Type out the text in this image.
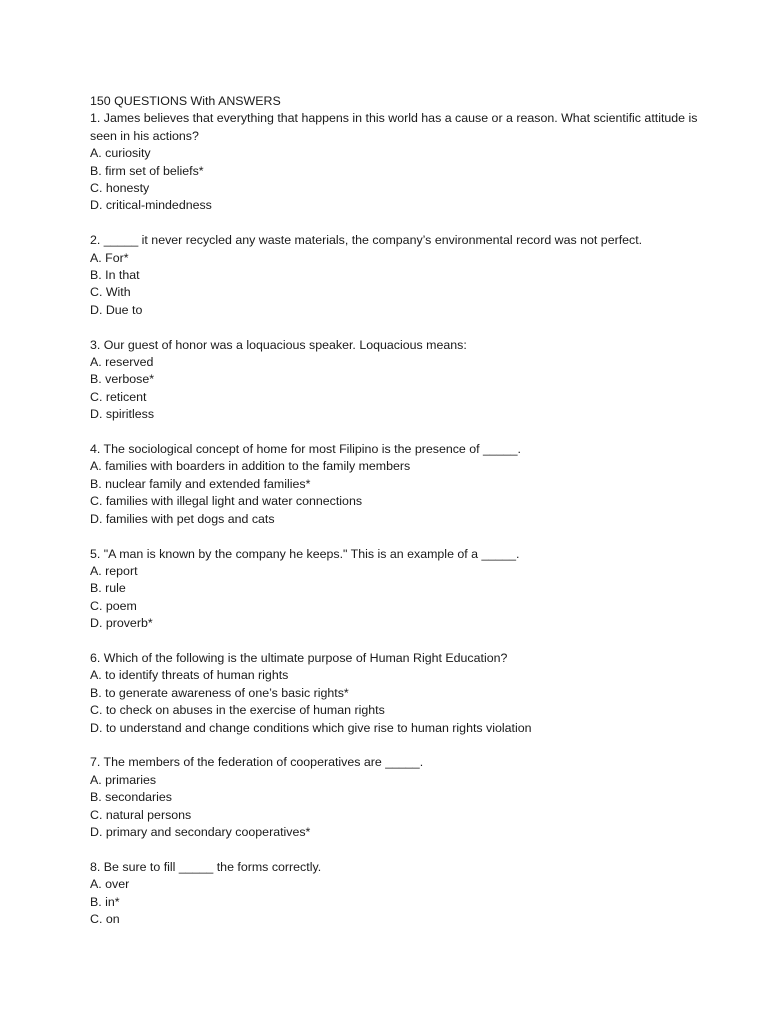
150 QUESTIONS With ANSWERS
1. James believes that everything that happens in this world has a cause or a reason. What scientific attitude is seen in his actions?
A. curiosity
B. firm set of beliefs*
C. honesty
D. critical-mindedness
2. _____ it never recycled any waste materials, the company’s environmental record was not perfect.
A. For*
B. In that
C. With
D. Due to
3. Our guest of honor was a loquacious speaker. Loquacious means:
A. reserved
B. verbose*
C. reticent
D. spiritless
4. The sociological concept of home for most Filipino is the presence of _____.
A. families with boarders in addition to the family members
B. nuclear family and extended families*
C. families with illegal light and water connections
D. families with pet dogs and cats
5. "A man is known by the company he keeps." This is an example of a _____.
A. report
B. rule
C. poem
D. proverb*
6. Which of the following is the ultimate purpose of Human Right Education?
A. to identify threats of human rights
B. to generate awareness of one’s basic rights*
C. to check on abuses in the exercise of human rights
D. to understand and change conditions which give rise to human rights violation
7. The members of the federation of cooperatives are _____.
A. primaries
B. secondaries
C. natural persons
D. primary and secondary cooperatives*
8. Be sure to fill _____ the forms correctly.
A. over
B. in*
C. on
